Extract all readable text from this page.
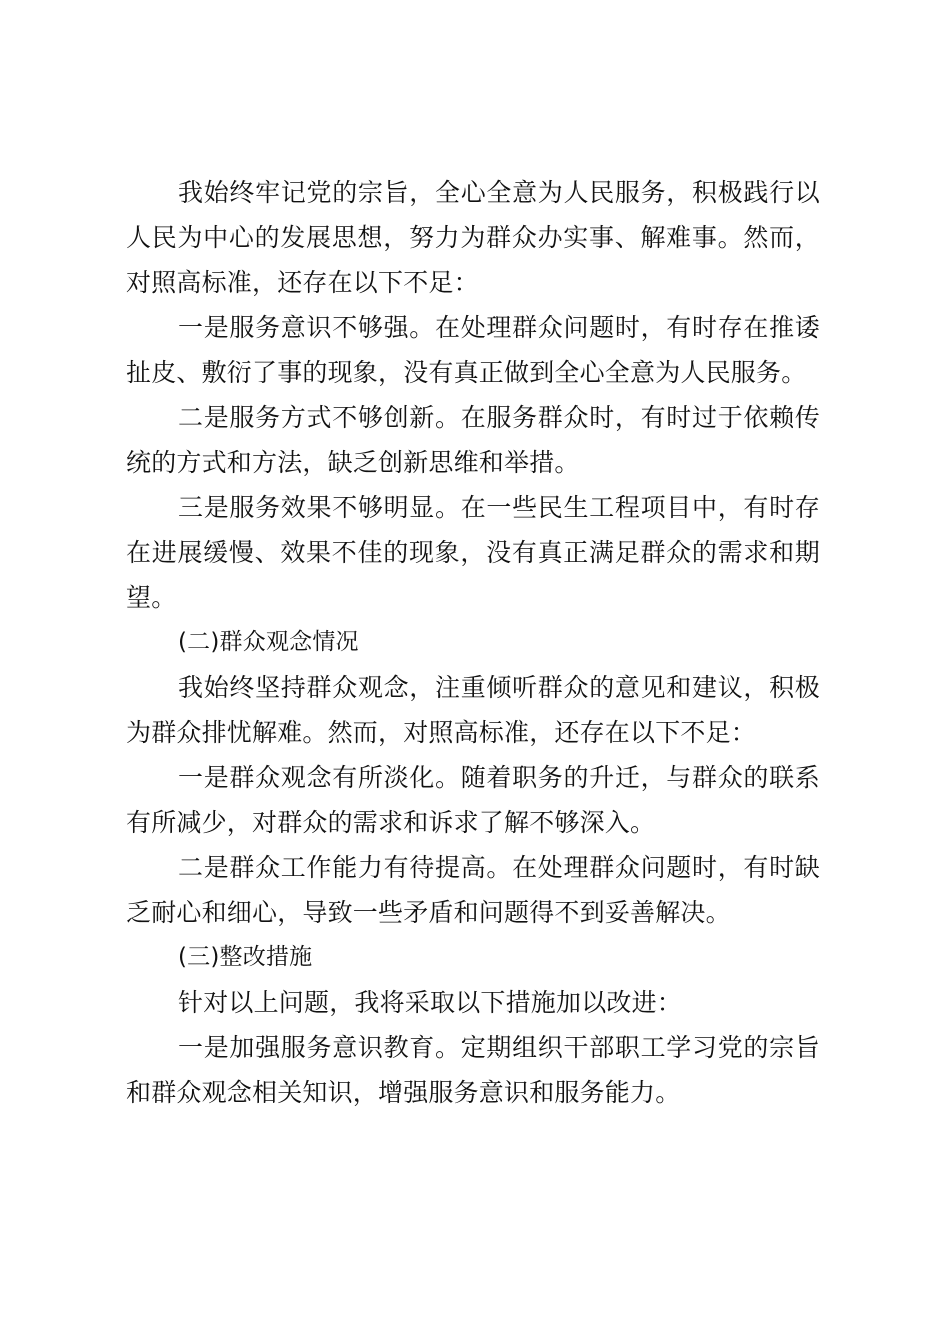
我始终牢记党的宗旨，全心全意为人民服务，积极践行以人民为中心的发展思想，努力为群众办实事、解难事。然而，对照高标准，还存在以下不足：

一是服务意识不够强。在处理群众问题时，有时存在推诿扯皮、敷衍了事的现象，没有真正做到全心全意为人民服务。

二是服务方式不够创新。在服务群众时，有时过于依赖传统的方式和方法，缺乏创新思维和举措。

三是服务效果不够明显。在一些民生工程项目中，有时存在进展缓慢、效果不佳的现象，没有真正满足群众的需求和期望。

(二)群众观念情况

我始终坚持群众观念，注重倾听群众的意见和建议，积极为群众排忧解难。然而，对照高标准，还存在以下不足：

一是群众观念有所淡化。随着职务的升迁，与群众的联系有所减少，对群众的需求和诉求了解不够深入。

二是群众工作能力有待提高。在处理群众问题时，有时缺乏耐心和细心，导致一些矛盾和问题得不到妥善解决。

(三)整改措施

针对以上问题，我将采取以下措施加以改进：

一是加强服务意识教育。定期组织干部职工学习党的宗旨和群众观念相关知识，增强服务意识和服务能力。
